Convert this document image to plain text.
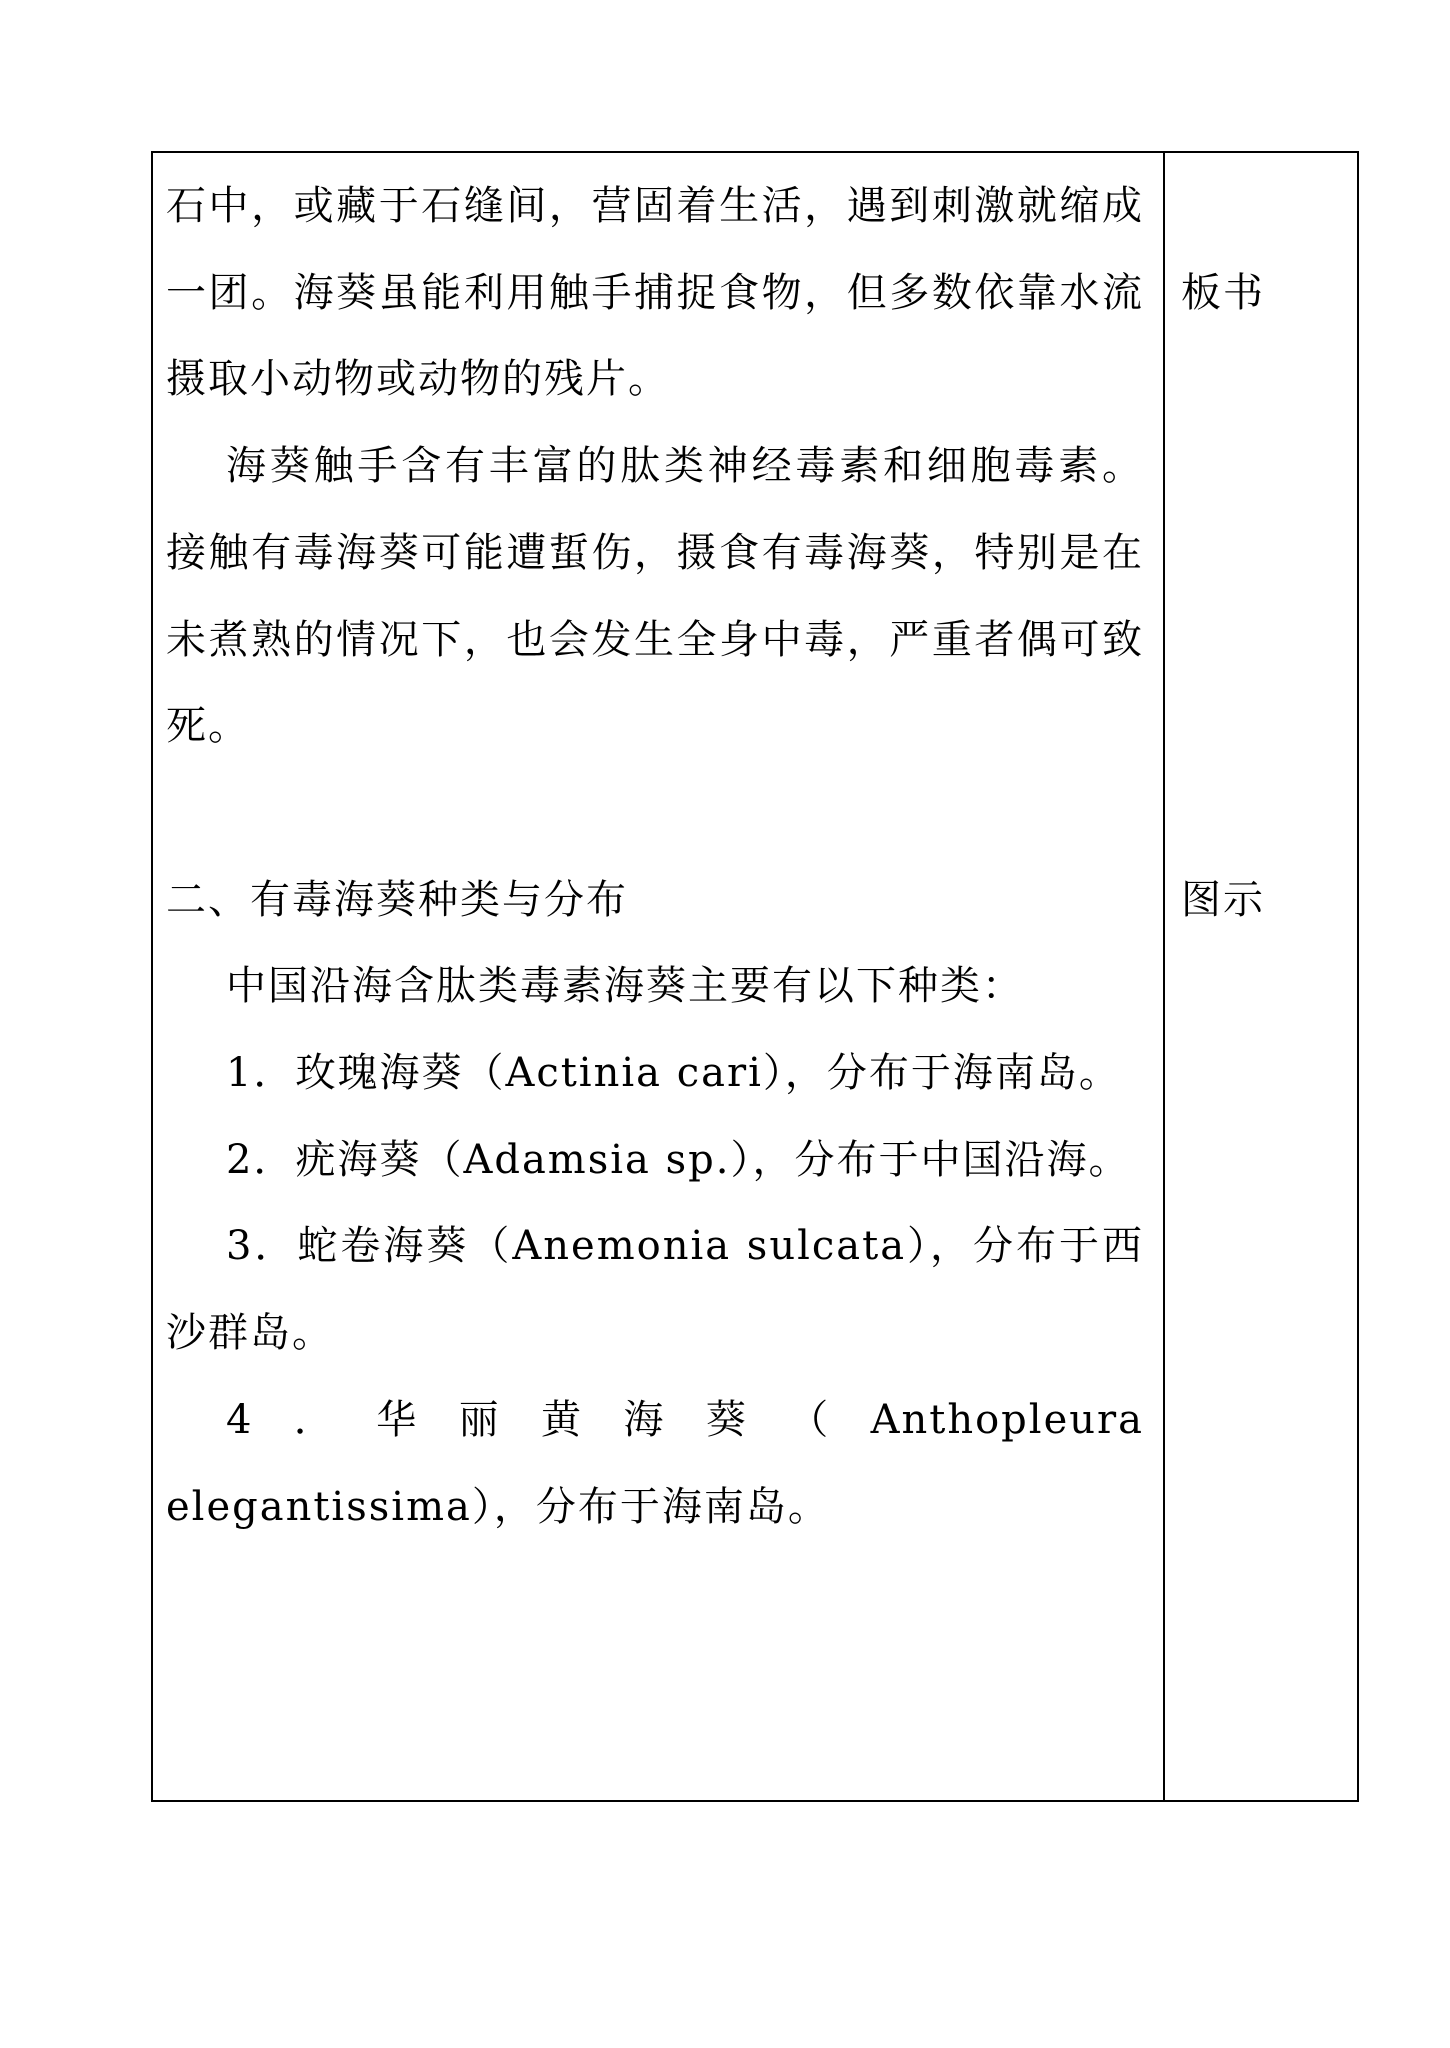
石中，或藏于石缝间，营固着生活，遇到刺激就缩成一团。海葵虽能利用触手捕捉食物，但多数依靠水流摄取小动物或动物的残片。

海葵触手含有丰富的肽类神经毒素和细胞毒素。接触有毒海葵可能遭蜇伤，摄食有毒海葵，特别是在未煮熟的情况下，也会发生全身中毒，严重者偶可致死。

二、有毒海葵种类与分布

中国沿海含肽类毒素海葵主要有以下种类：

1．玫瑰海葵（Actinia cari），分布于海南岛。

2．疣海葵（Adamsia sp.），分布于中国沿海。

3．蛇卷海葵（Anemonia sulcata），分布于西沙群岛。

4．华丽黄海葵（Anthopleura

elegantissima），分布于海南岛。

板书
图示
